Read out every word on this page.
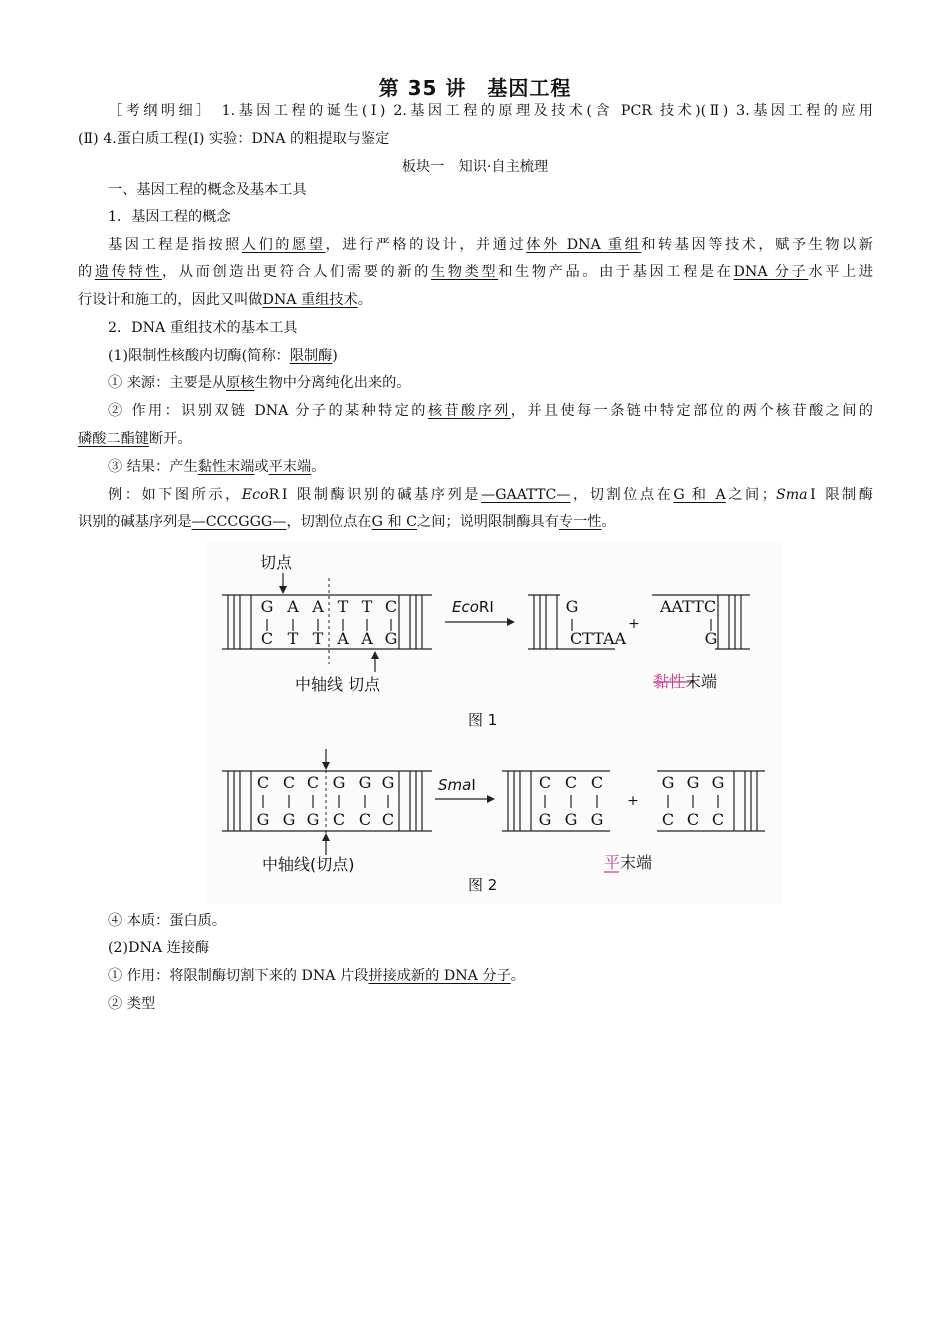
第 35 讲　基因工程
［考纲明细］ 1.基因工程的诞生(Ⅰ) 2.基因工程的原理及技术(含 PCR 技术)(Ⅱ) 3.基因工程的应用
(Ⅱ) 4.蛋白质工程(Ⅰ) 实验：DNA 的粗提取与鉴定
板块一　知识·自主梳理
一、基因工程的概念及基本工具
1．基因工程的概念
基因工程是指按照人们的愿望，进行严格的设计，并通过体外 DNA 重组和转基因等技术，赋予生物以新
的遗传特性，从而创造出更符合人们需要的新的生物类型和生物产品。由于基因工程是在DNA 分子水平上进
行设计和施工的，因此又叫做DNA 重组技术。
2．DNA 重组技术的基本工具
(1)限制性核酸内切酶(简称：限制酶)
① 来源：主要是从原核生物中分离纯化出来的。
② 作用：识别双链 DNA 分子的某种特定的核苷酸序列，并且使每一条链中特定部位的两个核苷酸之间的
磷酸二酯键断开。
③ 结果：产生黏性末端或平末端。
例：如下图所示，EcoRⅠ 限制酶识别的碱基序列是—GAATTC—，切割位点在G 和 A之间；SmaⅠ 限制酶
识别的碱基序列是—CCCGGG—，切割位点在G 和 C之间；说明限制酶具有专一性。
G A A T T C
C T T A A G
G
CTTAA
AATTC
G
+
切点
中轴线 切点
EcoRⅠ
黏性末端
图 1
C C C G G G
G G G C C C
C C C
G G G
G G G
C C C
+
中轴线(切点)
SmaⅠ
平末端
图 2
④ 本质：蛋白质。
(2)DNA 连接酶
① 作用：将限制酶切割下来的 DNA 片段拼接成新的 DNA 分子。
② 类型
